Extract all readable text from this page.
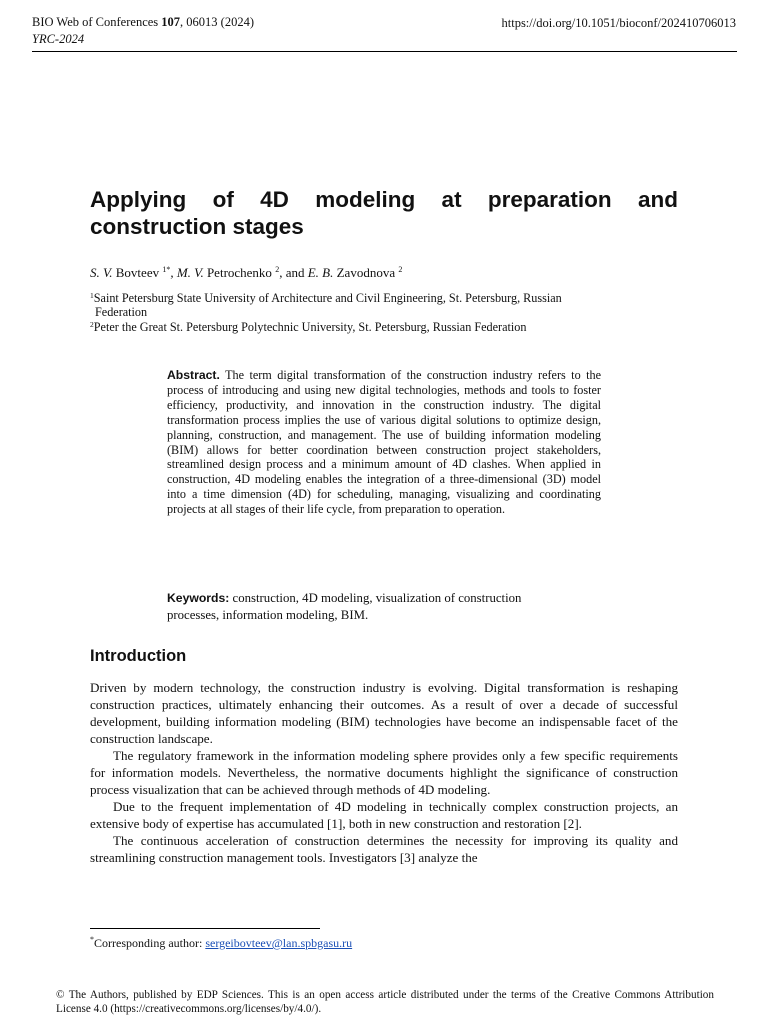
BIO Web of Conferences 107, 06013 (2024)
YRC-2024
https://doi.org/10.1051/bioconf/202410706013
Applying of 4D modeling at preparation and
construction stages
S. V. Bovteev $^{1*}$, M. V. Petrochenko $^2$, and E. B. Zavodnova $^2$
$^1$Saint Petersburg State University of Architecture and Civil Engineering, St. Petersburg, Russian
Federation
$^2$Peter the Great St. Petersburg Polytechnic University, St. Petersburg, Russian Federation
Abstract. The term digital transformation of the construction industry refers to the process of introducing and using new digital technologies, methods and tools to foster efficiency, productivity, and innovation in the construction industry. The digital transformation process implies the use of various digital solutions to optimize design, planning, construction, and management. The use of building information modeling (BIM) allows for better coordination between construction project stakeholders, streamlined design process and a minimum amount of 4D clashes. When applied in construction, 4D modeling enables the integration of a three-dimensional (3D) model into a time dimension (4D) for scheduling, managing, visualizing and coordinating projects at all stages of their life cycle, from preparation to operation.
Keywords: construction, 4D modeling, visualization of construction processes, information modeling, BIM.
Introduction

Driven by modern technology, the construction industry is evolving. Digital transformation is reshaping construction practices, ultimately enhancing their outcomes. As a result of over a decade of successful development, building information modeling (BIM) technologies have become an indispensable facet of the construction landscape.

The regulatory framework in the information modeling sphere provides only a few specific requirements for information models. Nevertheless, the normative documents highlight the significance of construction process visualization that can be achieved through methods of 4D modeling.

Due to the frequent implementation of 4D modeling in technically complex construction projects, an extensive body of expertise has accumulated [1], both in new construction and restoration [2].

The continuous acceleration of construction determines the necessity for improving its quality and streamlining construction management tools. Investigators [3] analyze the

*Corresponding author: sergeibovteev@lan.spbgasu.ru
© The Authors, published by EDP Sciences. This is an open access article distributed under the terms of the Creative Commons Attribution License 4.0 (https://creativecommons.org/licenses/by/4.0/).
